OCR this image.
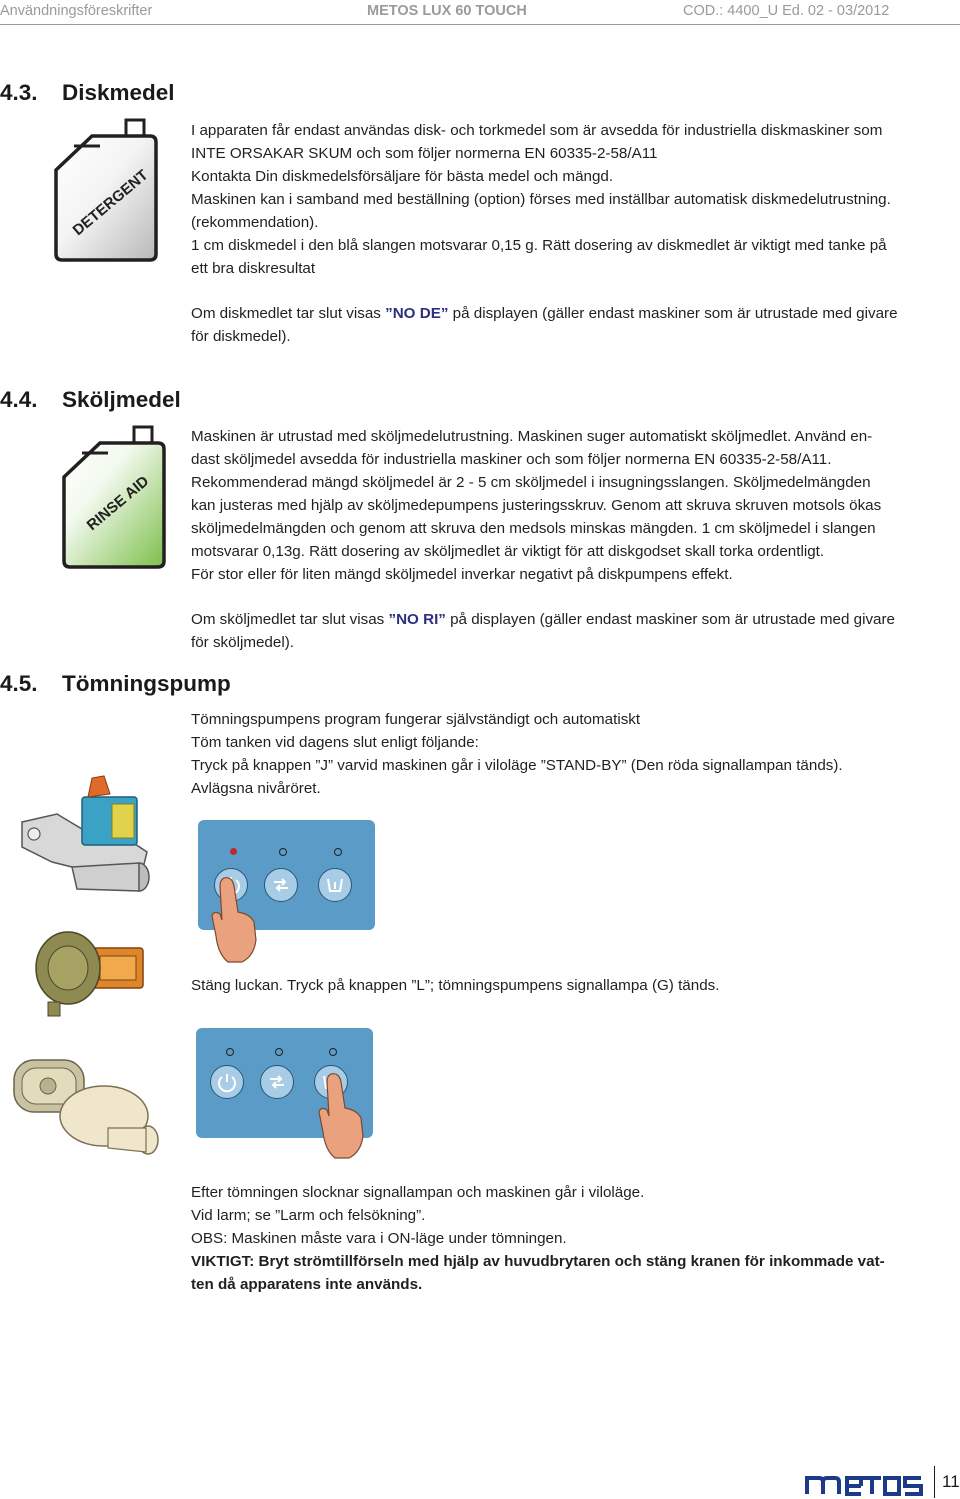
Användningsföreskrifter	METOS LUX 60 TOUCH	COD.: 4400_U Ed. 02 - 03/2012
4.3. Diskmedel
DETERGENT

I apparaten får endast användas disk- och torkmedel som är avsedda för industriella diskmaskiner som

INTE ORSAKAR SKUM och som följer normerna EN 60335-2-58/A11

Kontakta Din diskmedelsförsäljare för bästa medel och mängd.

Maskinen kan i samband med beställning (option) förses med inställbar automatisk diskmedelutrustning.

(rekommendation).

1 cm diskmedel i den blå slangen motsvarar 0,15 g. Rätt dosering av diskmedlet är viktigt med tanke på

ett bra diskresultat

Om diskmedlet tar slut visas ”NO DE” på displayen (gäller endast maskiner som är utrustade med givare

för diskmedel).

4.4. Sköljmedel
RINSE AID

Maskinen är utrustad med sköljmedelutrustning. Maskinen suger automatiskt sköljmedlet. Använd en-

dast sköljmedel avsedda för industriella maskiner och som följer normerna EN 60335-2-58/A11.

Rekommenderad mängd sköljmedel är 2 - 5 cm sköljmedel i insugningsslangen. Sköljmedelmängden

kan justeras med hjälp av sköljmedepumpens justeringsskruv. Genom att skruva skruven motsols ökas

sköljmedelmängden och genom att skruva den medsols minskas mängden. 1 cm sköljmedel i slangen

motsvarar 0,13g. Rätt dosering av sköljmedlet är viktigt för att diskgodset skall torka ordentligt.

För stor eller för liten mängd sköljmedel inverkar negativt på diskpumpens effekt.

Om sköljmedlet tar slut visas ”NO RI” på displayen (gäller endast maskiner som är utrustade med givare

för sköljmedel).

4.5. Tömningspump

Tömningspumpens program fungerar självständigt och automatiskt

Töm tanken vid dagens slut enligt följande:

Tryck på knappen ”J” varvid maskinen går i viloläge ”STAND-BY” (Den röda signallampan tänds).

Avlägsna nivåröret.

Stäng luckan. Tryck på knappen ”L”; tömningspumpens signallampa (G) tänds.

Efter tömningen slocknar signallampan och maskinen går i viloläge.

Vid larm; se ”Larm och felsökning”.

OBS: Maskinen måste vara i ON-läge under tömningen.

VIKTIGT: Bryt strömtillförseln med hjälp av huvudbrytaren och stäng kranen för inkommade vat-

ten då apparatens inte används.

11
